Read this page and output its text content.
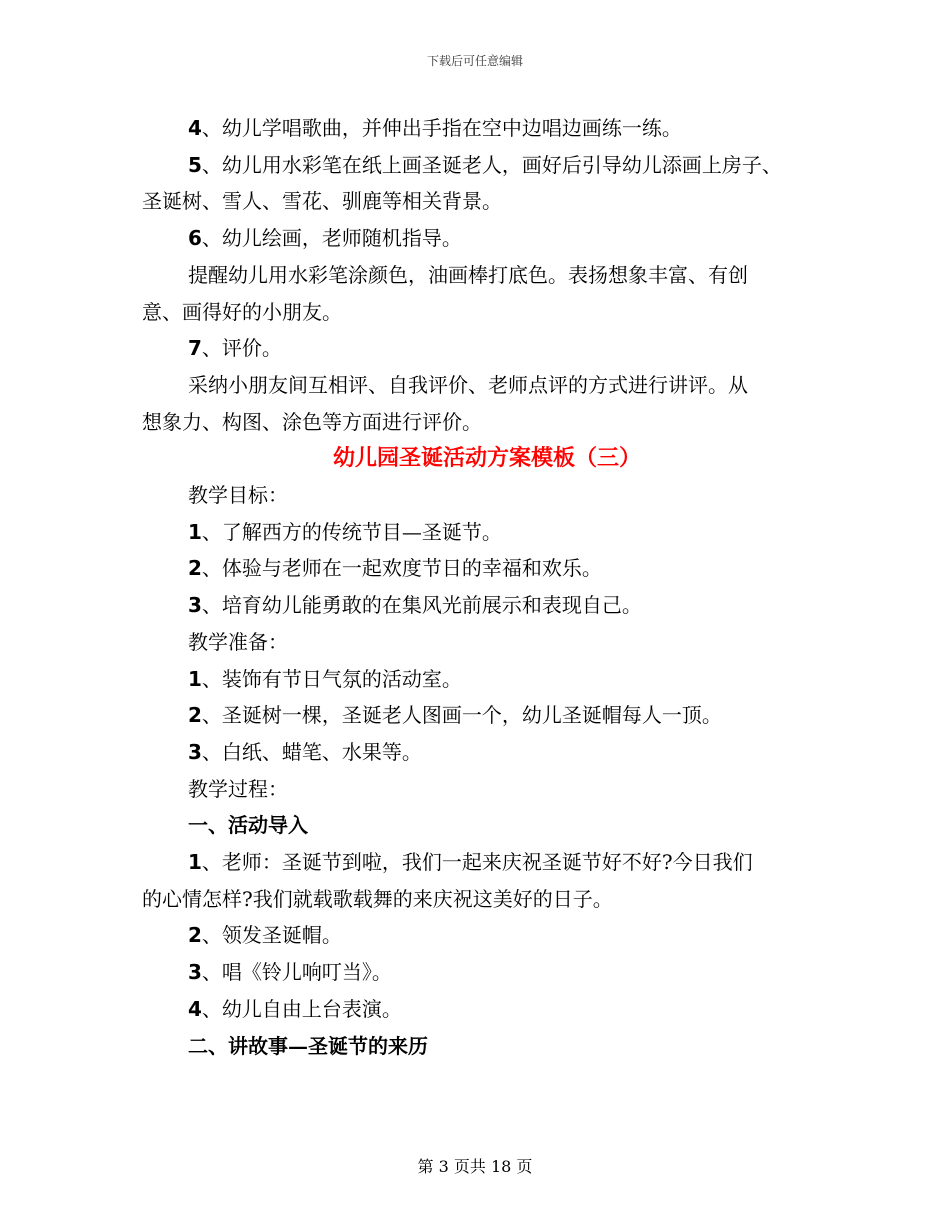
下载后可任意编辑
4、幼儿学唱歌曲，并伸出手指在空中边唱边画练一练。
5、幼儿用水彩笔在纸上画圣诞老人，画好后引导幼儿添画上房子、
圣诞树、雪人、雪花、驯鹿等相关背景。
6、幼儿绘画，老师随机指导。
提醒幼儿用水彩笔涂颜色，油画棒打底色。表扬想象丰富、有创
意、画得好的小朋友。
7、评价。
采纳小朋友间互相评、自我评价、老师点评的方式进行讲评。从
想象力、构图、涂色等方面进行评价。
幼儿园圣诞活动方案模板（三）
教学目标：
1、了解西方的传统节目—圣诞节。
2、体验与老师在一起欢度节日的幸福和欢乐。
3、培育幼儿能勇敢的在集风光前展示和表现自己。
教学准备：
1、装饰有节日气氛的活动室。
2、圣诞树一棵，圣诞老人图画一个，幼儿圣诞帽每人一顶。
3、白纸、蜡笔、水果等。
教学过程：
一、活动导入
1、老师：圣诞节到啦，我们一起来庆祝圣诞节好不好?今日我们
的心情怎样?我们就载歌载舞的来庆祝这美好的日子。
2、领发圣诞帽。
3、唱《铃儿响叮当》。
4、幼儿自由上台表演。
二、讲故事—圣诞节的来历
第 3 页共 18 页
